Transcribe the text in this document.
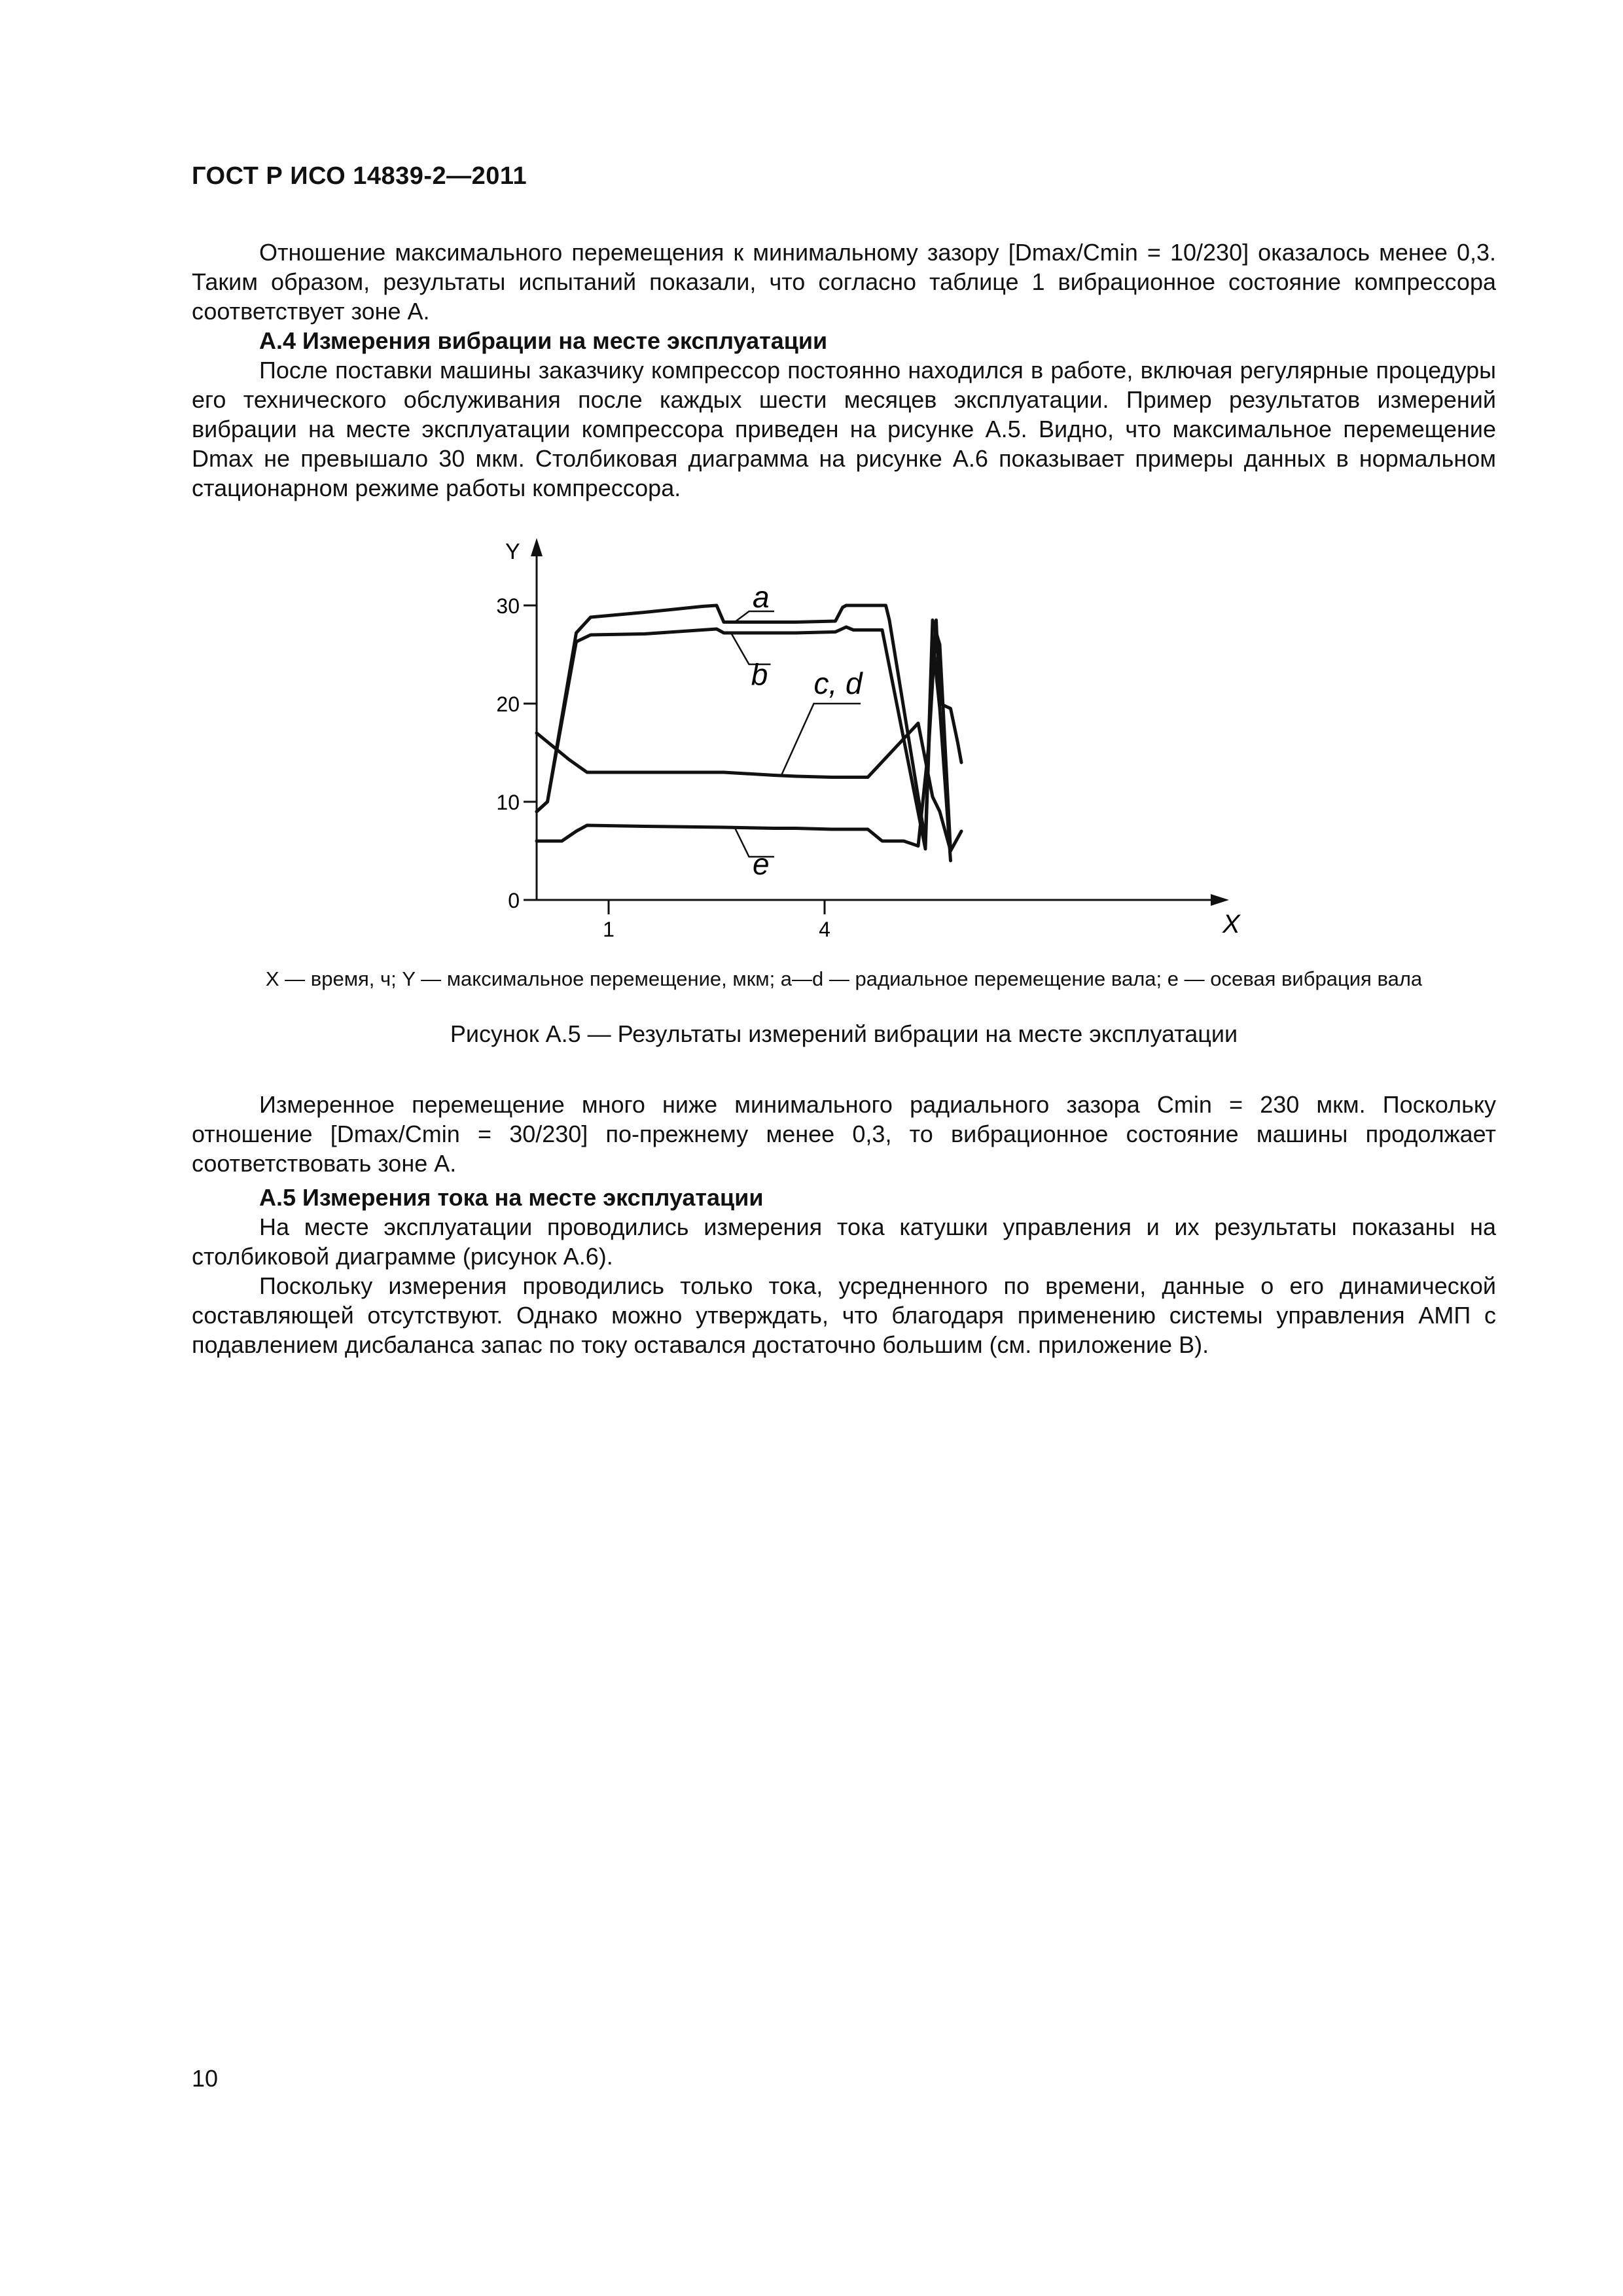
ГОСТ Р ИСО 14839-2—2011

Отношение максимального перемещения к минимальному зазору [Dmax/Cmin = 10/230] оказалось менее 0,3. Таким образом, результаты испытаний показали, что согласно таблице 1 вибрационное состояние компрессора соответствует зоне A.

А.4 Измерения вибрации на месте эксплуатации

После поставки машины заказчику компрессор постоянно находился в работе, включая регулярные процедуры его технического обслуживания после каждых шести месяцев эксплуатации. Пример результатов измерений вибрации на месте эксплуатации компрессора приведен на рисунке А.5. Видно, что максимальное перемещение Dmax не превышало 30 мкм. Столбиковая диаграмма на рисунке А.6 показывает примеры данных в нормальном стационарном режиме работы компрессора.

X
Y
0
10
20
30
1	4
a
b c, d
e
X — время, ч; Y — максимальное перемещение, мкм; a—d — радиальное перемещение вала; e — осевая вибрация вала
Рисунок А.5 — Результаты измерений вибрации на месте эксплуатации

Измеренное перемещение много ниже минимального радиального зазора Cmin = 230 мкм. Поскольку отношение [Dmax/Cmin = 30/230] по-прежнему менее 0,3, то вибрационное состояние машины продолжает соответствовать зоне A.

А.5 Измерения тока на месте эксплуатации

На месте эксплуатации проводились измерения тока катушки управления и их результаты показаны на столбиковой диаграмме (рисунок А.6).

Поскольку измерения проводились только тока, усредненного по времени, данные о его динамической составляющей отсутствуют. Однако можно утверждать, что благодаря применению системы управления АМП с подавлением дисбаланса запас по току оставался достаточно большим (см. приложение В).

10
